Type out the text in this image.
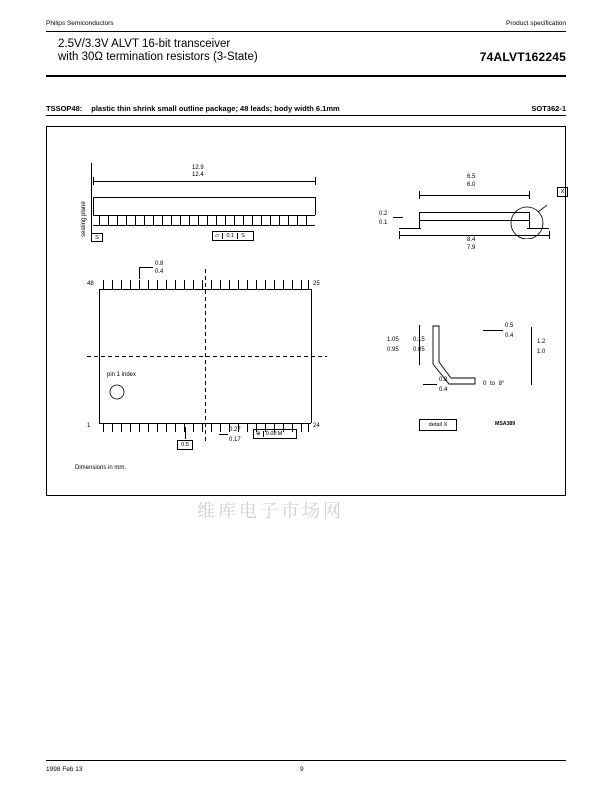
Philips Semiconductors	Product specification
2.5V/3.3V ALVT 16-bit transceiver
with 30Ω termination resistors (3-State)	74ALVT162245
TSSOP48: plastic thin shrink small outline package; 48 leads; body width 6.1mm	SOT362-1
维库电子市场网
seating plane
12.9
12.4
S	⏥	0.1	S
6.5
6.0
0.2
0.1
8.4
7.9
X
0.8
0.4
48	25
1	24
pin 1 index
0.5
0.27
0.17
⊕ 0.08 M
Dimensions in mm.
1.05
0.95
0.15
0.05
0.5
0.4
1.2
1.0
0.8
0.4
0 to 8°
detail X	MSA389
1998 Feb 13	9
